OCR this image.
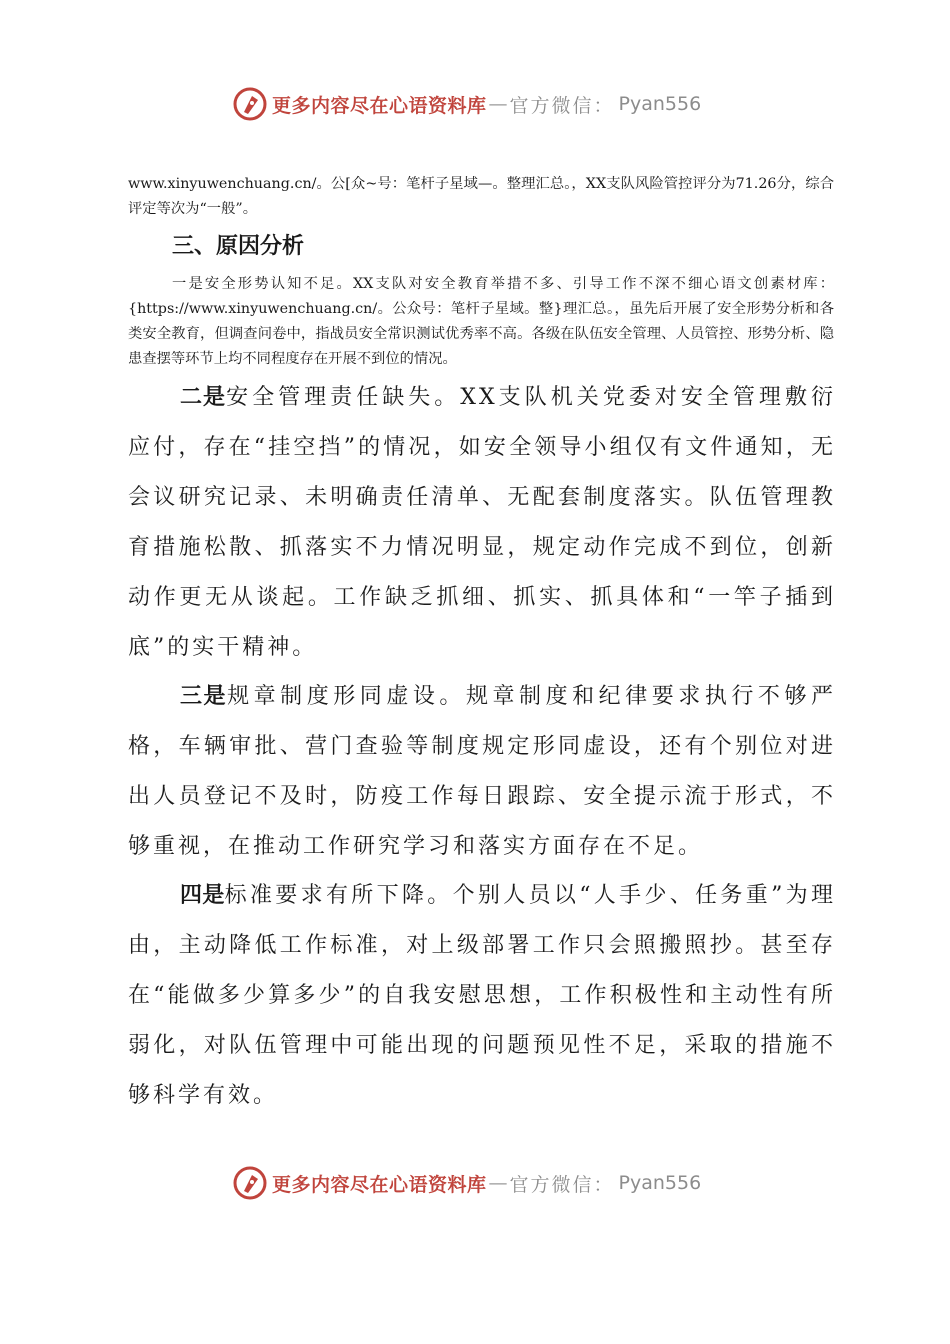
更多内容尽在心语资料库 — 官方微信： Pyan556

www.xinyuwenchuang.cn/。公[众~号：笔杆子星域—。整理汇总。，XX支队风险管控评分为71.26分，综合评定等次为“一般”。

三、原因分析

一是安全形势认知不足。XX支队对安全教育举措不多、引导工作不深不细心语文创素材库：{https://www.xinyuwenchuang.cn/。公众号：笔杆子星域。整}理汇总。，虽先后开展了安全形势分析和各类安全教育，但调查问卷中，指战员安全常识测试优秀率不高。各级在队伍安全管理、人员管控、形势分析、隐患查摆等环节上均不同程度存在开展不到位的情况。

二是安全管理责任缺失。XX支队机关党委对安全管理敷衍应付，存在“挂空挡”的情况，如安全领导小组仅有文件通知，无会议研究记录、未明确责任清单、无配套制度落实。队伍管理教育措施松散、抓落实不力情况明显，规定动作完成不到位，创新动作更无从谈起。工作缺乏抓细、抓实、抓具体和“一竿子插到底”的实干精神。

三是规章制度形同虚设。规章制度和纪律要求执行不够严格，车辆审批、营门查验等制度规定形同虚设，还有个别位对进出人员登记不及时，防疫工作每日跟踪、安全提示流于形式，不够重视，在推动工作研究学习和落实方面存在不足。

四是标准要求有所下降。个别人员以“人手少、任务重”为理由，主动降低工作标准，对上级部署工作只会照搬照抄。甚至存在“能做多少算多少”的自我安慰思想，工作积极性和主动性有所弱化，对队伍管理中可能出现的问题预见性不足，采取的措施不够科学有效。

更多内容尽在心语资料库 — 官方微信： Pyan556
